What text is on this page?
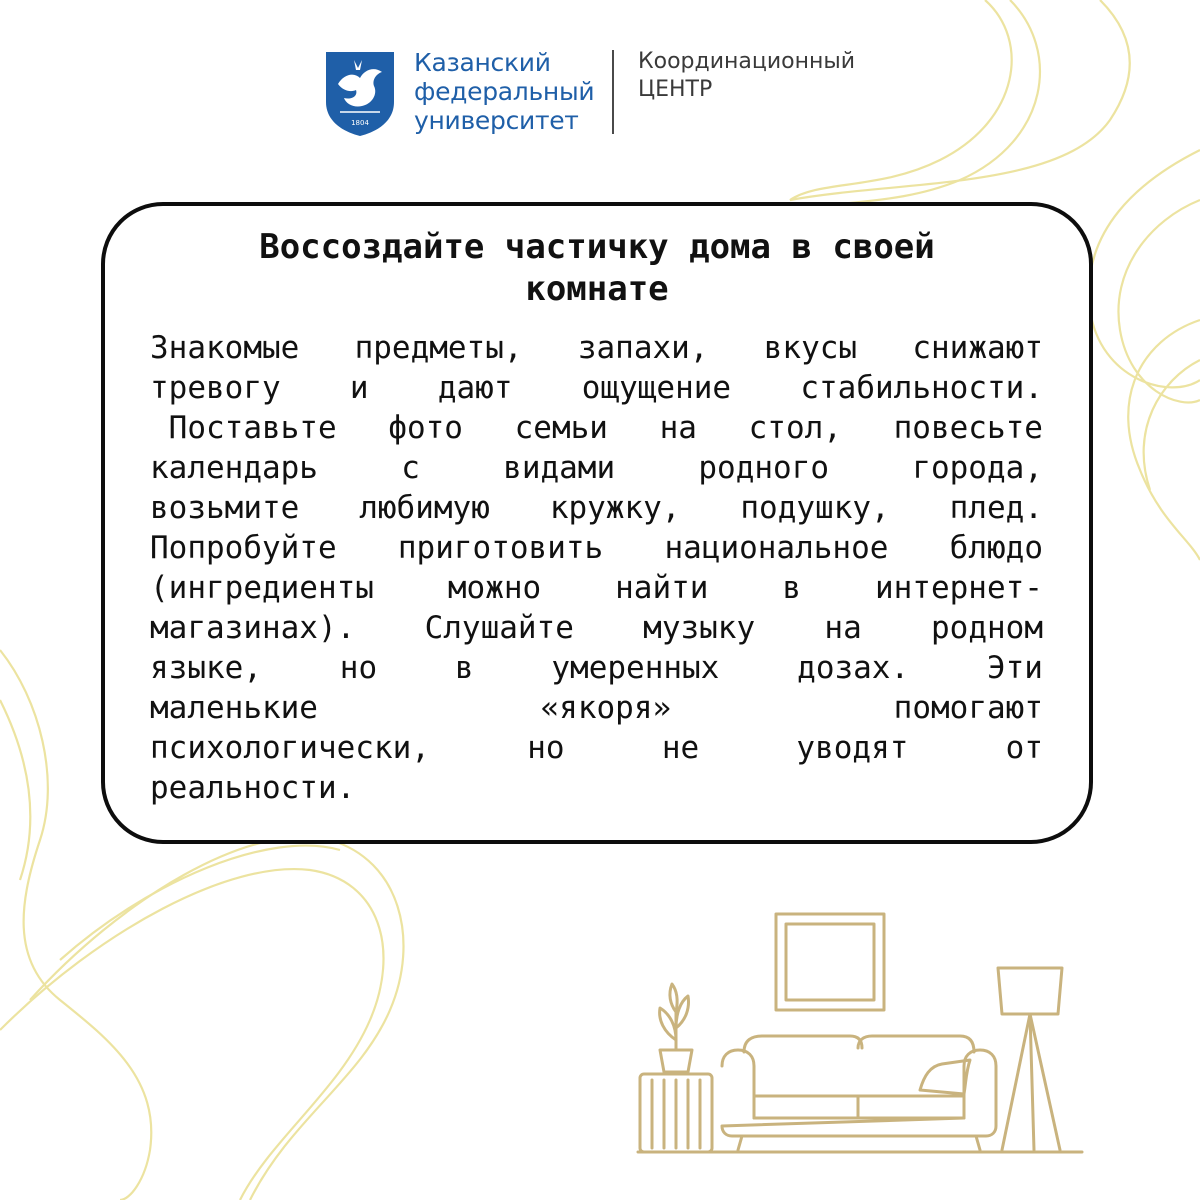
1804
Казанский
федеральный
университет
Координационный
ЦЕНТР
Воссоздайте частичку дома в своей
комнате
Знакомые предметы, запахи, вкусы снижают
тревогу и дают ощущение стабильности.
Поставьте фото семьи на стол, повесьте
календарь	с	видами	родного	города,
возьмите любимую кружку, подушку, плед.
Попробуйте приготовить национальное блюдо
(ингредиенты можно найти в интернет-
магазинах). Слушайте музыку на родном
языке,	но	в	умеренных	дозах.	Эти
маленькие	«якоря»	помогают
психологически,	но	не	уводят	от
реальности.
